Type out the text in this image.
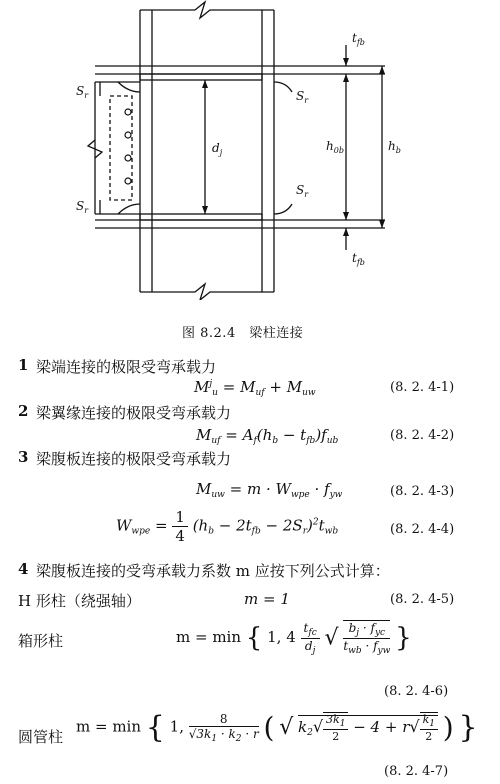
$t_{fb}$
$S_r$	$S_r$
$d_j$	$h_{0b}$	$h_b$
$S_r$
$S_r$
$t_{fb}$
图 8.2.4　梁柱连接
1 梁端连接的极限受弯承载力
$M^j_u = M_{uf} + M_{uw}$	(8. 2. 4-1)
2 梁翼缘连接的极限受弯承载力
$M_{uf} = A_f(h_b - t_{fb})f_{ub}$	(8. 2. 4-2)
3 梁腹板连接的极限受弯承载力
$M_{uw} = m \cdot W_{wpe} \cdot f_{yw}$	(8. 2. 4-3)
$W_{wpe} = \frac{1}{4} (h_b - 2t_{fb} - 2S_r)^2t_{wb}$	(8. 2. 4-4)
4 梁腹板连接的受弯承载力系数 m 应按下列公式计算：
H 形柱（绕强轴）	m = 1	(8. 2. 4-5)
箱形柱	m = min { 1, $4 \frac{t_{fc}}{d_j}$ √ $\frac{b_j \cdot f_{yc}}{t_{wb} \cdot f_{yw}}$ }
(8. 2. 4-6)
圆管柱
m = min { 1, $\frac{8}{√3k_1 \cdot k_2 \cdot r}$ ( √ $k_2√ \frac{3k_1}{2} - 4 + r√ \frac{k_1}{2}$ ) }
(8. 2. 4-7)
